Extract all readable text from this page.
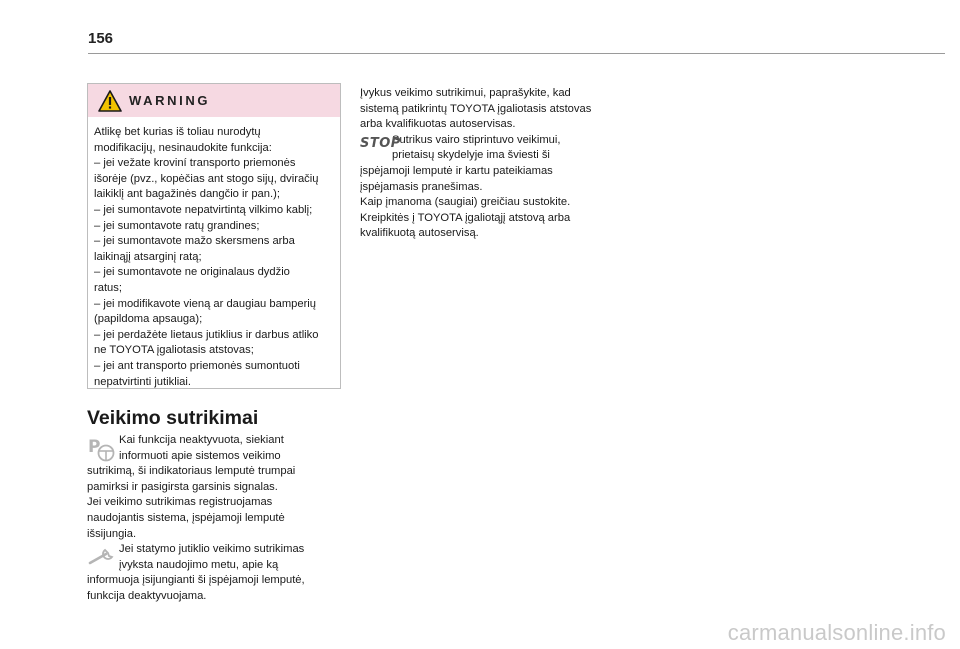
156
WARNING

Atlikę bet kurias iš toliau nurodytų

modifikacijų, nesinaudokite funkcija:

– jei vežate kroviní transporto priemonės

išorėje (pvz., kopėčias ant stogo sijų, dviračių

laikiklį ant bagažinės dangčio ir pan.);

– jei sumontavote nepatvirtintą vilkimo kablį;

– jei sumontavote ratų grandines;

– jei sumontavote mažo skersmens arba

laikinąjį atsarginį ratą;

– jei sumontavote ne originalaus dydžio

ratus;

– jei modifikavote vieną ar daugiau bamperių

(papildoma apsauga);

– jei perdažėte lietaus jutiklius ir darbus atliko

ne TOYOTA įgaliotasis atstovas;

– jei ant transporto priemonės sumontuoti

nepatvirtinti jutikliai.

Veikimo sutrikimai
P	Kai funkcija neaktyvuota, siekiant

informuoti apie sistemos veikimo

sutrikimą, ši indikatoriaus lemputė trumpai

pamirksi ir pasigirsta garsinis signalas.

Jei veikimo sutrikimas registruojamas

naudojantis sistema, įspėjamoji lemputė

išsijungia.

Jei statymo jutiklio veikimo sutrikimas

įvyksta naudojimo metu, apie ką

informuoja įsijungianti ši įspėjamoji lemputė,

funkcija deaktyvuojama.

Įvykus veikimo sutrikimui, paprašykite, kad

sistemą patikrintų TOYOTA įgaliotasis atstovas

arba kvalifikuotas autoservisas.

STOP

Sutrikus vairo stiprintuvo veikimui,

prietaisų skydelyje ima šviesti ši

įspėjamoji lemputė ir kartu pateikiamas

įspėjamasis pranešimas.

Kaip įmanoma (saugiai) greičiau sustokite.

Kreipkitės į TOYOTA įgaliotąjį atstovą arba

kvalifikuotą autoservisą.

carmanualsonline.info
